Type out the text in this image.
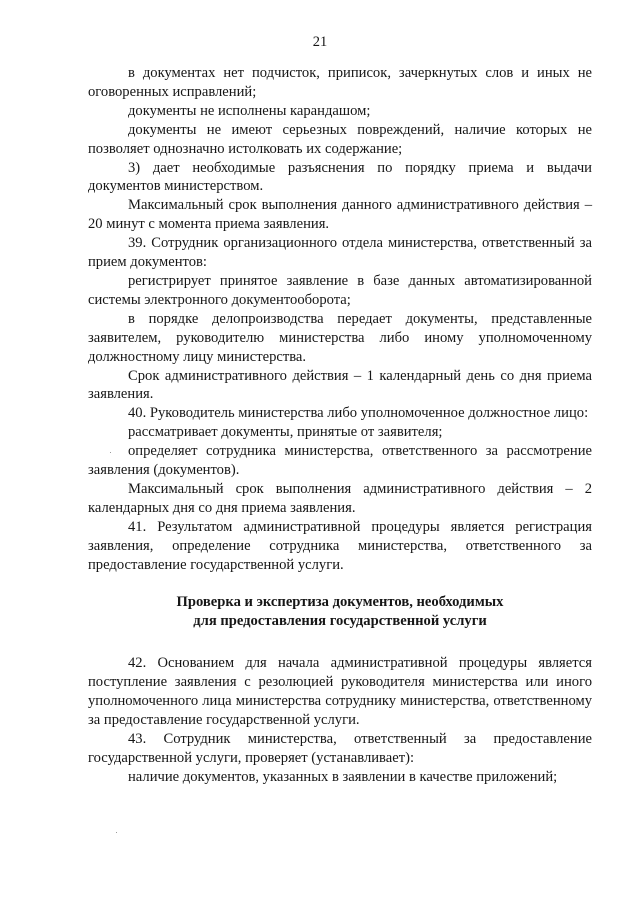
21

в документах нет подчисток, приписок, зачеркнутых слов и иных не оговоренных исправлений;

документы не исполнены карандашом;

документы не имеют серьезных повреждений, наличие которых не позволяет однозначно истолковать их содержание;

3) дает необходимые разъяснения по порядку приема и выдачи документов министерством.

Максимальный срок выполнения данного административного действия – 20 минут с момента приема заявления.

39. Сотрудник организационного отдела министерства, ответственный за прием документов:

регистрирует принятое заявление в базе данных автоматизированной системы электронного документооборота;

в порядке делопроизводства передает документы, представленные заявителем, руководителю министерства либо иному уполномоченному должностному лицу министерства.

Срок административного действия – 1 календарный день со дня приема заявления.

40. Руководитель министерства либо уполномоченное должностное лицо:

рассматривает документы, принятые от заявителя;

определяет сотрудника министерства, ответственного за рассмотрение заявления (документов).

Максимальный срок выполнения административного действия – 2 календарных дня со дня приема заявления.

41. Результатом административной процедуры является регистрация заявления, определение сотрудника министерства, ответственного за предоставление государственной услуги.

Проверка и экспертиза документов, необходимых
для предоставления государственной услуги

42. Основанием для начала административной процедуры является поступление заявления с резолюцией руководителя министерства или иного уполномоченного лица министерства сотруднику министерства, ответственному за предоставление государственной услуги.

43. Сотрудник министерства, ответственный за предоставление государственной услуги, проверяет (устанавливает):

наличие документов, указанных в заявлении в качестве приложений;
